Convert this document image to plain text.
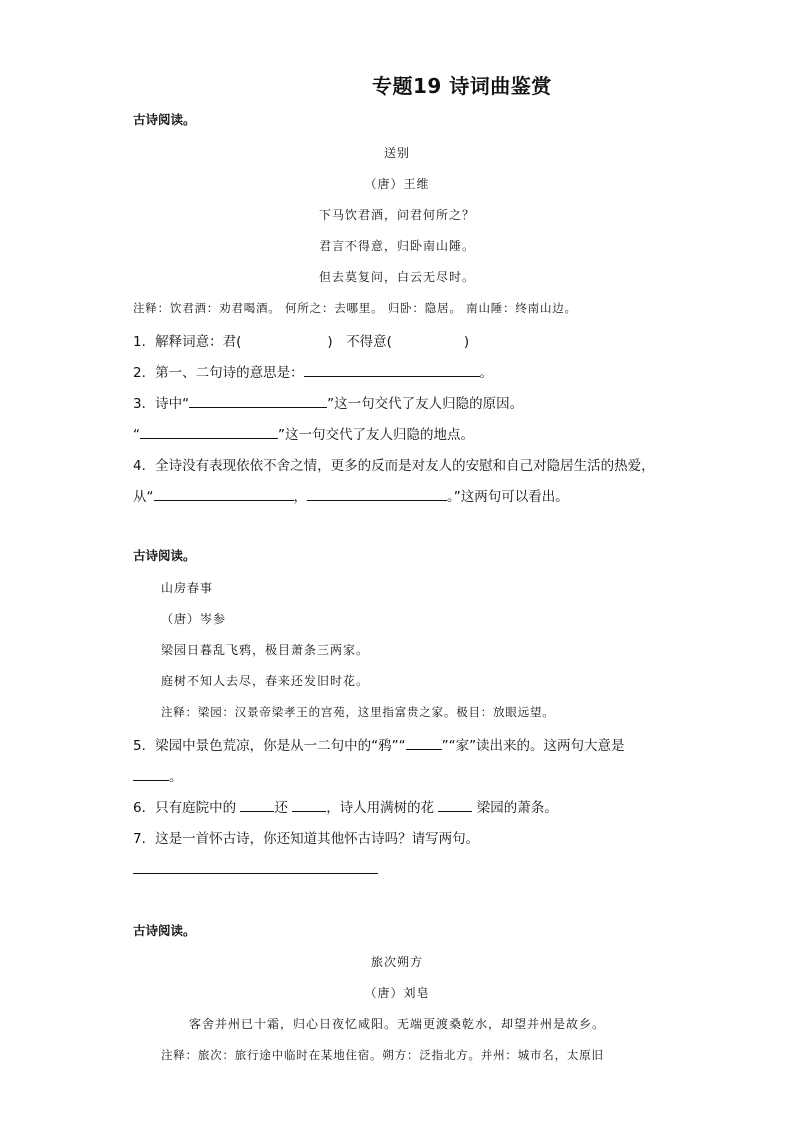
专题19 诗词曲鉴赏
古诗阅读。
送别
（唐）王维
下马饮君酒，问君何所之？
君言不得意，归卧南山陲。
但去莫复问，白云无尽时。
注释：饮君酒：劝君喝酒。 何所之：去哪里。 归卧：隐居。 南山陲：终南山边。
1．解释词意：君(	)　不得意(	)
2．第一、二句诗的意思是：	。
3．诗中“	”这一句交代了友人归隐的原因。
“	”这一句交代了友人归隐的地点。
4．全诗没有表现依依不舍之情，更多的反而是对友人的安慰和自己对隐居生活的热爱，
从“	，	。”这两句可以看出。
古诗阅读。
山房春事
（唐）岑参
梁园日暮乱飞鸦，极目萧条三两家。
庭树不知人去尽，春来还发旧时花。
注释：梁园：汉景帝梁孝王的宫苑，这里指富贵之家。极目：放眼远望。
5．梁园中景色荒凉，你是从一二句中的“鸦”“	”“家”读出来的。这两句大意是
。
6．只有庭院中的	还	，诗人用满树的花	梁园的萧条。
7．这是一首怀古诗，你还知道其他怀古诗吗？请写两句。
古诗阅读。
旅次朔方
（唐）刘皂
客舍并州已十霜，归心日夜忆咸阳。无端更渡桑乾水，却望并州是故乡。
注释：旅次：旅行途中临时在某地住宿。朔方：泛指北方。并州：城市名，太原旧
